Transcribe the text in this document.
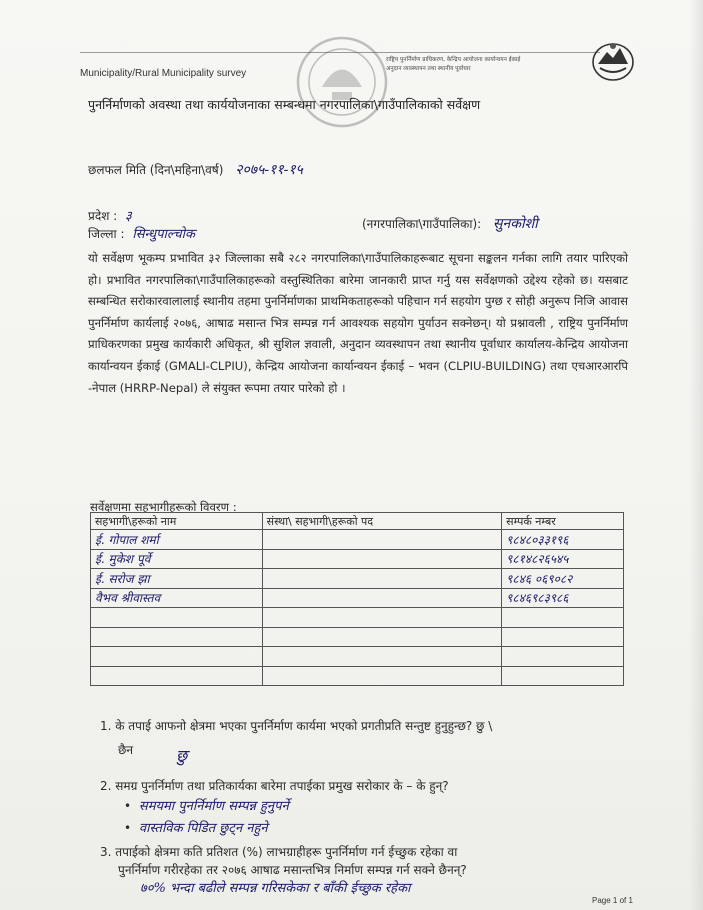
Municipality/Rural Municipality survey
राष्ट्रिय पुनर्निर्माण प्राधिकरण, केन्द्रिय आयोजना कार्यान्वयन ईकाई
अनुदान व्यवस्थापन तथा स्थानीय पूर्वाधार
पुनर्निर्माणको अवस्था तथा कार्ययोजनाका सम्बन्धमा नगरपालिका\गाउँपालिकाको सर्वेक्षण
छलफल मिति (दिन\महिना\वर्ष) २०७५-११-१५
प्रदेश : ३
जिल्ला : सिन्धुपाल्चोक
(नगरपालिका\गाउँपालिका): सुनकोशी
यो सर्वेक्षण भूकम्प प्रभावित ३२ जिल्लाका सबै २८२ नगरपालिका\गाउँपालिकाहरूबाट सूचना सङ्कलन गर्नका लागि तयार पारिएको हो। प्रभावित नगरपालिका\गाउँपालिकाहरूको वस्तुस्थितिका बारेमा जानकारी प्राप्त गर्नु यस सर्वेक्षणको उद्देश्य रहेको छ। यसबाट सम्बन्धित सरोकारवालालाई स्थानीय तहमा पुनर्निर्माणका प्राथमिकताहरूको पहिचान गर्न सहयोग पुग्छ र सोही अनुरूप निजि आवास पुनर्निर्माण कार्यलाई २०७६, आषाढ मसान्त भित्र सम्पन्न गर्न आवश्यक सहयोग पुर्याउन सक्नेछन्। यो प्रश्नावली , राष्ट्रिय पुनर्निर्माण प्राधिकरणका प्रमुख कार्यकारी अधिकृत, श्री सुशिल ज्ञवाली, अनुदान व्यवस्थापन तथा स्थानीय पूर्वाधार कार्यालय-केन्द्रिय आयोजना कार्यान्वयन ईकाई (GMALI-CLPIU), केन्द्रिय आयोजना कार्यान्वयन ईकाई – भवन (CLPIU-BUILDING) तथा एचआरआरपि -नेपाल (HRRP-Nepal) ले संयुक्त रूपमा तयार पारेको हो ।
सर्वेक्षणमा सहभागीहरूको विवरण :
सहभागी\हरूको नाम	संस्था\ सहभागी\हरूको पद	सम्पर्क नम्बर
ई. गोपाल शर्मा		९८४८०३३१९६
ई. मुकेश पूर्वे		९८१४८२६५४५
ई. सरोज झा		९८४६ ०६९०८२
वैभव श्रीवास्तव		९८४६९८३९८६

1. के तपाई आफनो क्षेत्रमा भएका पुनर्निर्माण कार्यमा भएको प्रगतीप्रति सन्तुष्ट हुनुहुन्छ? छु \
छैन	छु
2. समग्र पुनर्निर्माण तथा प्रतिकार्यका बारेमा तपाईका प्रमुख सरोकार के – के हुन्?
• समयमा पुनर्निर्माण सम्पन्न हुनुपर्ने
• वास्तविक पिडित छुट्न नहुने
3. तपाईको क्षेत्रमा कति प्रतिशत (%) लाभग्राहीहरू पुनर्निर्माण गर्न ईच्छुक रहेका वा
पुनर्निर्माण गरीरहेका तर २०७६ आषाढ मसान्तभित्र निर्माण सम्पन्न गर्न सक्ने छैनन्?
७०% भन्दा बढीले सम्पन्न गरिसकेका र बाँकी ईच्छुक रहेका
Page 1 of 1
